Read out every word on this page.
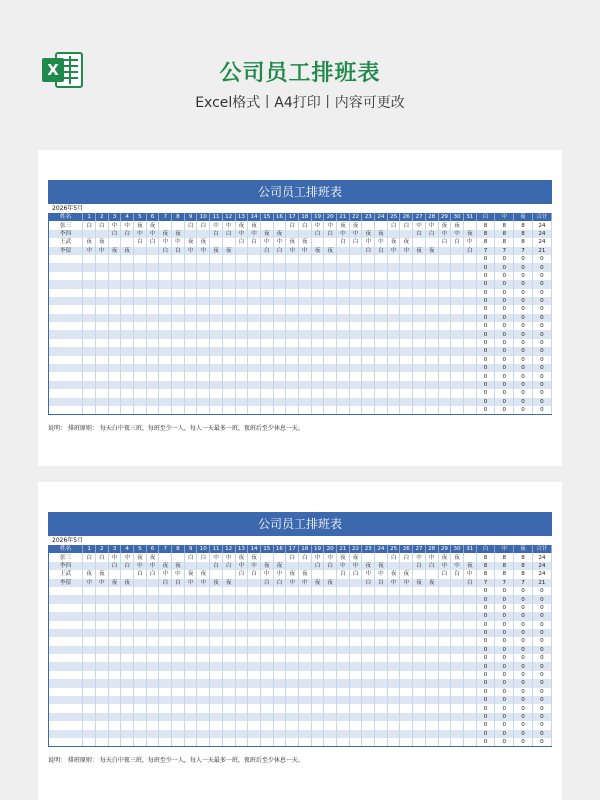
X	公司员工排班表
Excel格式丨A4打印丨内容可更改
公司员工排班表
2026年5月
姓名	1	2	3	4	5	6	7	8	9	10	11	12	13	14	15	16	17	18	19	20	21	22	23	24	25	26	27	28	29	30	31	白	中	夜	合计
张三	白	白	中	中	夜	夜			白	白	中	中	夜	夜			白	白	中	中	夜	夜			白	白	中	中	夜	夜		8	8	8	24
李四			白	白	中	中	夜	夜			白	白	中	中	夜	夜			白	白	中	中	夜	夜			白	白	中	中	夜	8	8	8	24
王武	夜	夜			白	白	中	中	夜	夜			白	白	中	中	夜	夜			白	白	中	中	夜	夜			白	白	中	8	8	8	24
李留	中	中	夜	夜			白	白	中	中	夜	夜			白	白	中	中	夜	夜			白	白	中	中	夜	夜			白	7	7	7	21
																																0	0	0	0
																																0	0	0	0
																																0	0	0	0
																																0	0	0	0
																																0	0	0	0
																																0	0	0	0
																																0	0	0	0
																																0	0	0	0
																																0	0	0	0
																																0	0	0	0
																																0	0	0	0
																																0	0	0	0
																																0	0	0	0
																																0	0	0	0
																																0	0	0	0
																																0	0	0	0
																																0	0	0	0
																																0	0	0	0
																																0	0	0	0
说明： 排班原则： 每天白中夜三班，每班至少一人，每人一天最多一班，夜班后至少休息一天。
公司员工排班表
2026年5月
姓名	1	2	3	4	5	6	7	8	9	10	11	12	13	14	15	16	17	18	19	20	21	22	23	24	25	26	27	28	29	30	31	白	中	夜	合计
张三	白	白	中	中	夜	夜			白	白	中	中	夜	夜			白	白	中	中	夜	夜			白	白	中	中	夜	夜		8	8	8	24
李四			白	白	中	中	夜	夜			白	白	中	中	夜	夜			白	白	中	中	夜	夜			白	白	中	中	夜	8	8	8	24
王武	夜	夜			白	白	中	中	夜	夜			白	白	中	中	夜	夜			白	白	中	中	夜	夜			白	白	中	8	8	8	24
李留	中	中	夜	夜			白	白	中	中	夜	夜			白	白	中	中	夜	夜			白	白	中	中	夜	夜			白	7	7	7	21
																																0	0	0	0
																																0	0	0	0
																																0	0	0	0
																																0	0	0	0
																																0	0	0	0
																																0	0	0	0
																																0	0	0	0
																																0	0	0	0
																																0	0	0	0
																																0	0	0	0
																																0	0	0	0
																																0	0	0	0
																																0	0	0	0
																																0	0	0	0
																																0	0	0	0
																																0	0	0	0
																																0	0	0	0
																																0	0	0	0
																																0	0	0	0
说明： 排班原则： 每天白中夜三班，每班至少一人，每人一天最多一班，夜班后至少休息一天。
